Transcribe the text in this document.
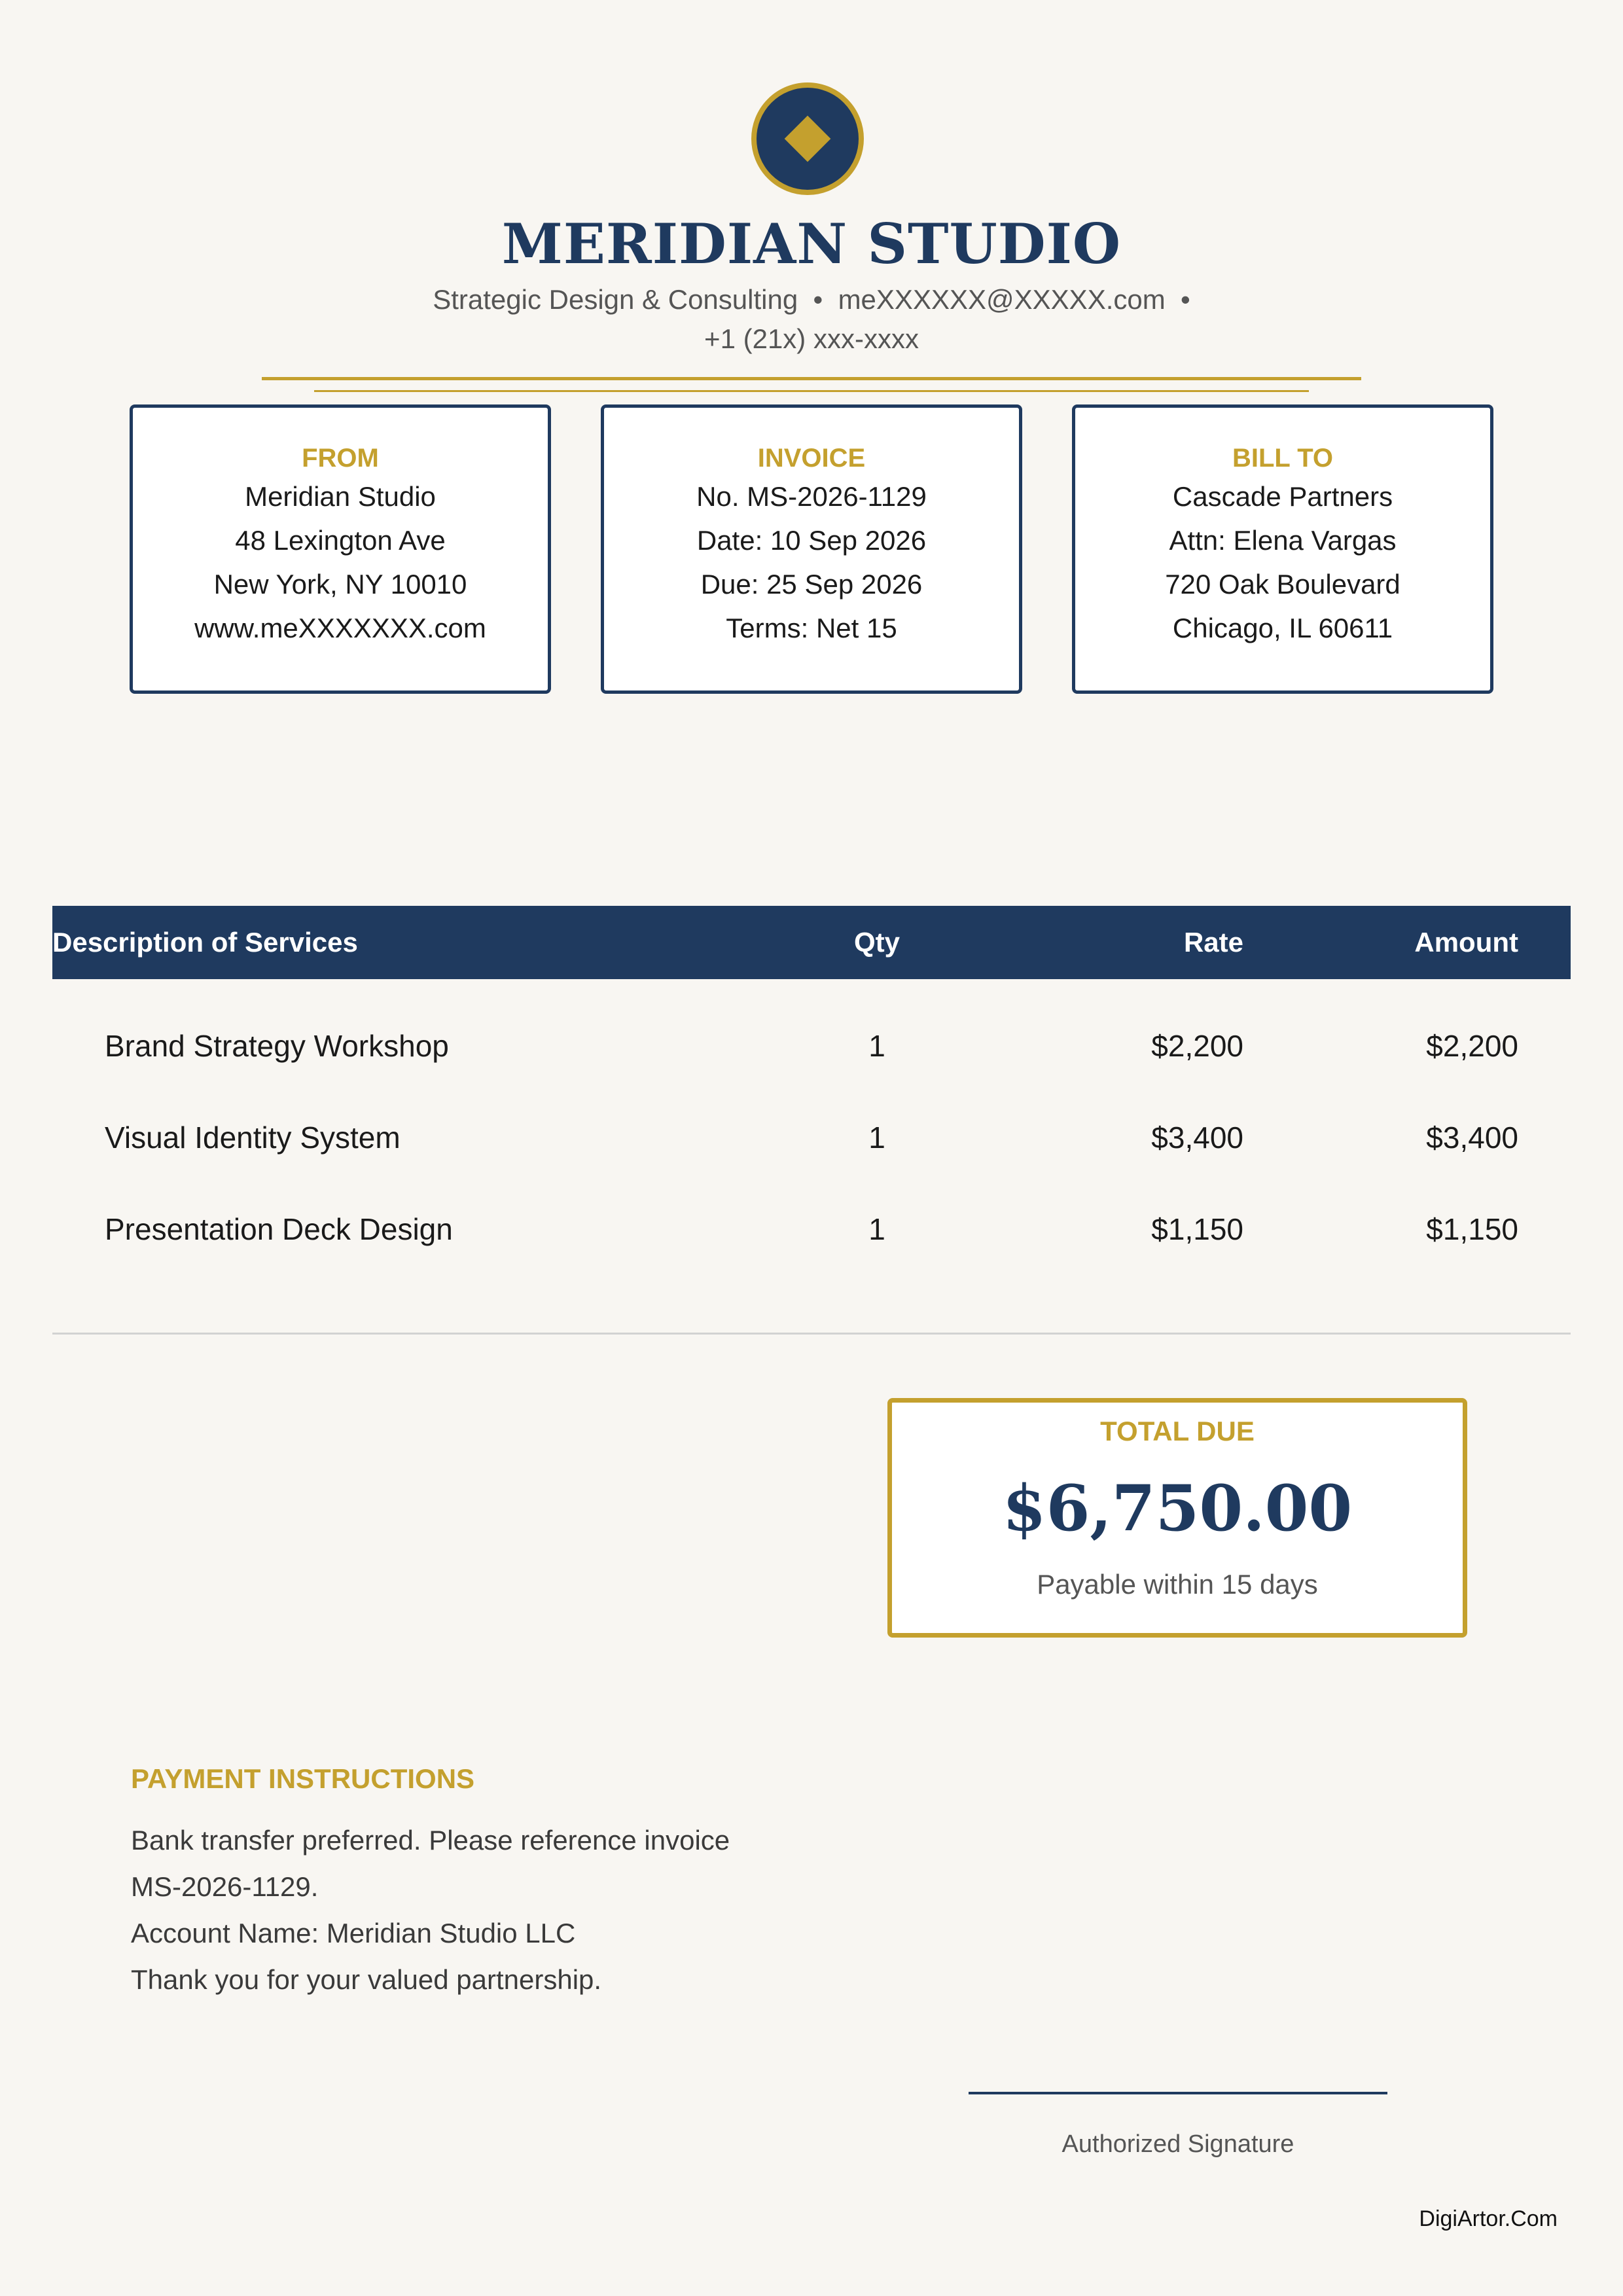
MERIDIAN STUDIO
Strategic Design & Consulting  •  meXXXXXX@XXXXX.com  •
+1 (21x) xxx-xxxx
FROM
Meridian Studio
48 Lexington Ave
New York, NY 10010
www.meXXXXXXX.com
INVOICE
No. MS-2026-1129
Date: 10 Sep 2026
Due: 25 Sep 2026
Terms: Net 15
BILL TO
Cascade Partners
Attn: Elena Vargas
720 Oak Boulevard
Chicago, IL 60611
Description of Services	Qty	Rate	Amount
Brand Strategy Workshop	1	$2,200	$2,200
Visual Identity System	1	$3,400	$3,400
Presentation Deck Design	1	$1,150	$1,150
TOTAL DUE
$6,750.00
Payable within 15 days
PAYMENT INSTRUCTIONS
Bank transfer preferred. Please reference invoice
MS-2026-1129.
Account Name: Meridian Studio LLC
Thank you for your valued partnership.
Authorized Signature
DigiArtor.Com
